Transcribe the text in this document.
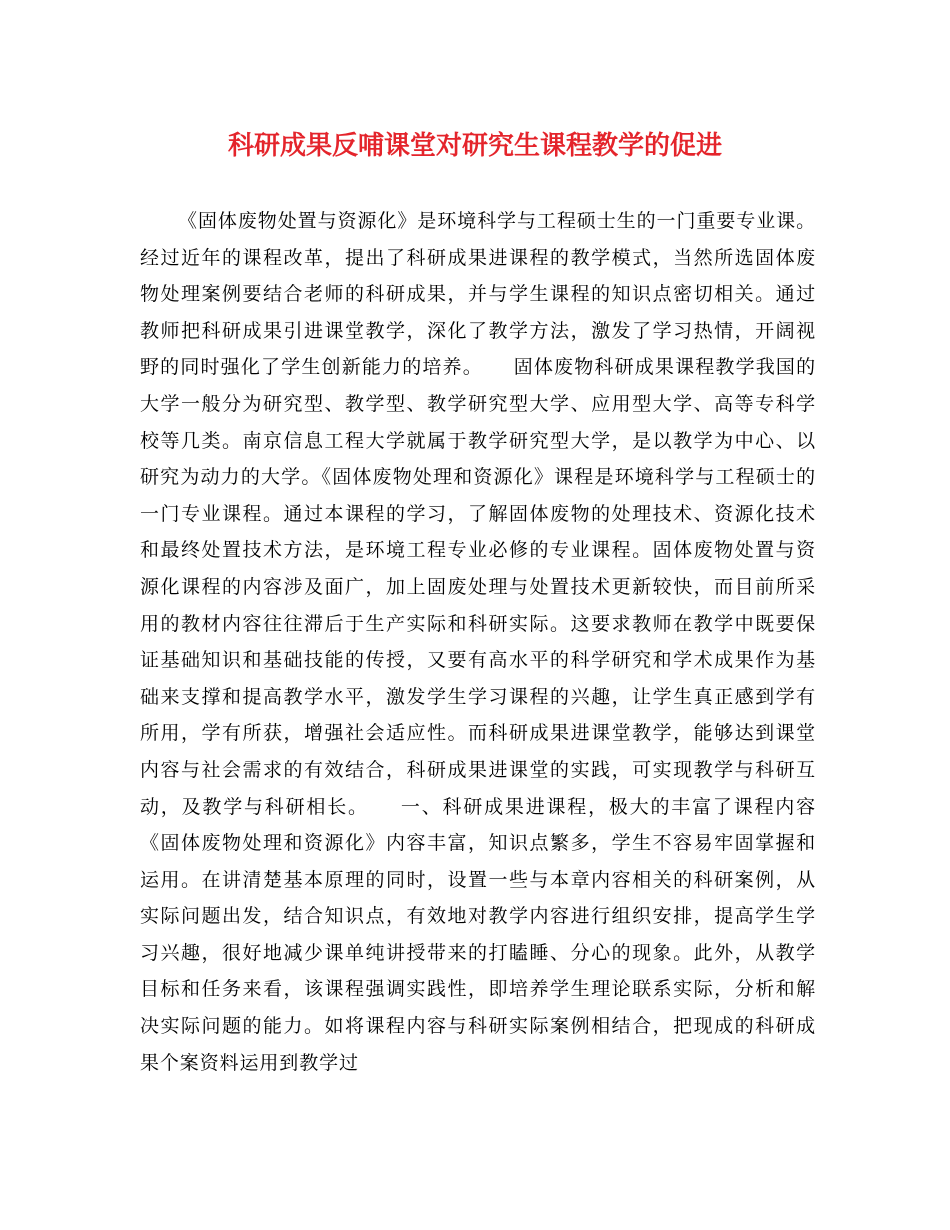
科研成果反哺课堂对研究生课程教学的促进

《固体废物处置与资源化》是环境科学与工程硕士生的一门重要专业课。经过近年的课程改革，提出了科研成果进课程的教学模式，当然所选固体废物处理案例要结合老师的科研成果，并与学生课程的知识点密切相关。通过教师把科研成果引进课堂教学，深化了教学方法，激发了学习热情，开阔视野的同时强化了学生创新能力的培养。　　固体废物科研成果课程教学我国的大学一般分为研究型、教学型、教学研究型大学、应用型大学、高等专科学校等几类。南京信息工程大学就属于教学研究型大学，是以教学为中心、以研究为动力的大学。《固体废物处理和资源化》课程是环境科学与工程硕士的一门专业课程。通过本课程的学习，了解固体废物的处理技术、资源化技术和最终处置技术方法，是环境工程专业必修的专业课程。固体废物处置与资源化课程的内容涉及面广，加上固废处理与处置技术更新较快，而目前所采用的教材内容往往滞后于生产实际和科研实际。这要求教师在教学中既要保证基础知识和基础技能的传授，又要有高水平的科学研究和学术成果作为基础来支撑和提高教学水平，激发学生学习课程的兴趣，让学生真正感到学有所用，学有所获，增强社会适应性。而科研成果进课堂教学，能够达到课堂内容与社会需求的有效结合，科研成果进课堂的实践，可实现教学与科研互动，及教学与科研相长。　　一、科研成果进课程，极大的丰富了课程内容　　《固体废物处理和资源化》内容丰富，知识点繁多，学生不容易牢固掌握和运用。在讲清楚基本原理的同时，设置一些与本章内容相关的科研案例，从实际问题出发，结合知识点，有效地对教学内容进行组织安排，提高学生学习兴趣，很好地减少课单纯讲授带来的打瞌睡、分心的现象。此外，从教学目标和任务来看，该课程强调实践性，即培养学生理论联系实际，分析和解决实际问题的能力。如将课程内容与科研实际案例相结合，把现成的科研成果个案资料运用到教学过
